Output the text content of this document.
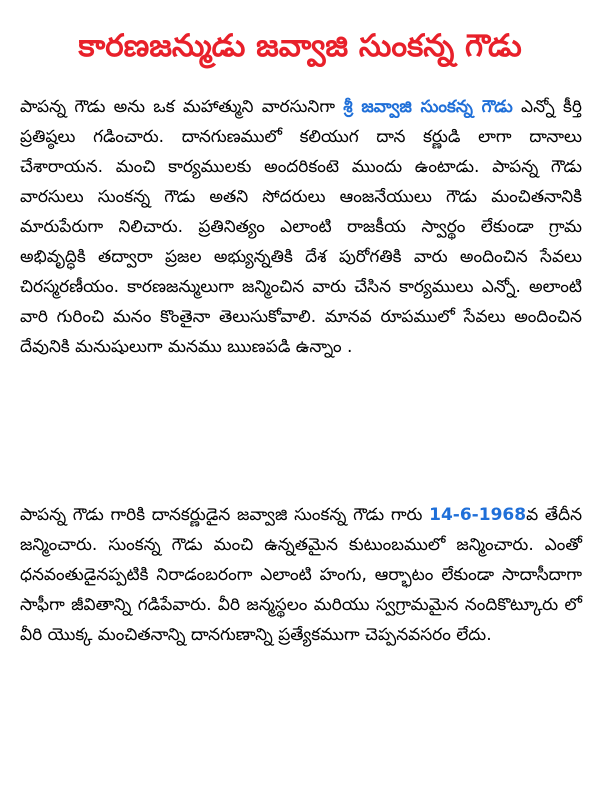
కారణజన్ముడు జవ్వాజి సుంకన్న గౌడు

పాపన్న గౌడు అను ఒక మహాత్ముని వారసునిగా శ్రీ జవ్వాజి సుంకన్న గౌడు ఎన్నో కీర్తి ప్రతిష్ఠలు గడించారు. దానగుణములో కలియుగ దాన కర్ణుడి లాగా దానాలు చేశారాయన. మంచి కార్యములకు అందరికంటె ముందు ఉంటాడు. పాపన్న గౌడు వారసులు సుంకన్న గౌడు అతని సోదరులు ఆంజనేయులు గౌడు మంచితనానికి మారుపేరుగా నిలిచారు. ప్రతినిత్యం ఎలాంటి రాజకీయ స్వార్థం లేకుండా గ్రామ అభివృద్ధికి తద్వారా ప్రజల అభ్యున్నతికి దేశ పురోగతికి వారు అందించిన సేవలు చిరస్మరణీయం. కారణజన్ములుగా జన్మించిన వారు చేసిన కార్యములు ఎన్నో. అలాంటి వారి గురించి మనం కొంతైనా తెలుసుకోవాలి. మానవ రూపములో సేవలు అందించిన దేవునికి మనుషులుగా మనము ఋణపడి ఉన్నాం .

పాపన్న గౌడు గారికి దానకర్ణుడైన జవ్వాజి సుంకన్న గౌడు గారు 14-6-1968వ తేదీన జన్మించారు. సుంకన్న గౌడు మంచి ఉన్నతమైన కుటుంబములో జన్మించారు. ఎంతో ధనవంతుడైనప్పటికి నిరాడంబరంగా ఎలాంటి హంగు, ఆర్భాటం లేకుండా సాదాసీదాగా సాఫీగా జీవితాన్ని గడిపేవారు. వీరి జన్మస్థలం మరియు స్వగ్రామమైన నందికొట్కూరు లో వీరి యొక్క మంచితనాన్ని దానగుణాన్ని ప్రత్యేకముగా చెప్పనవసరం లేదు.
